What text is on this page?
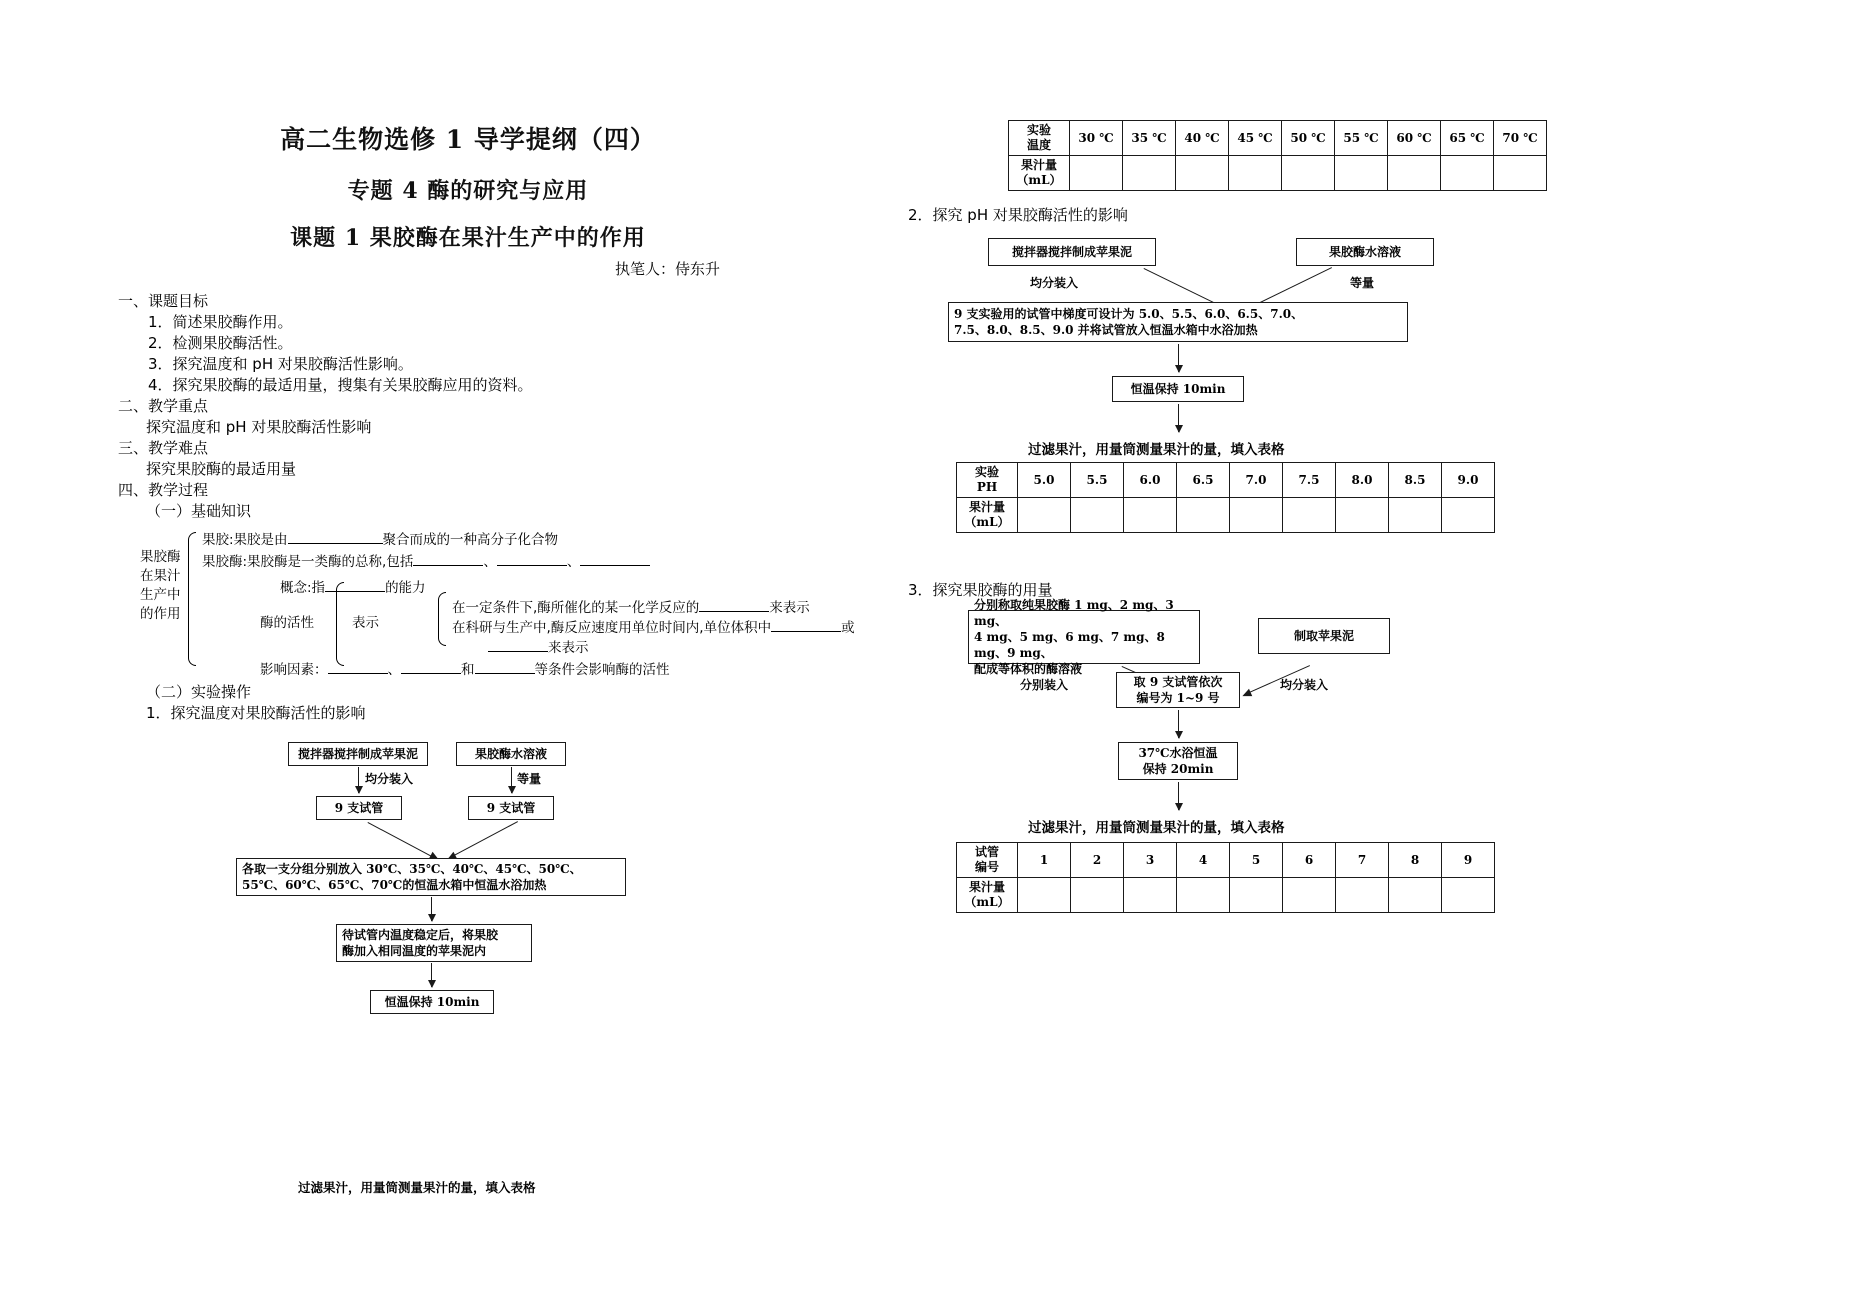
高二生物选修 1 导学提纲（四）
专题 4 酶的研究与应用
课题 1 果胶酶在果汁生产中的作用
执笔人：侍东升
一、课题目标
1．简述果胶酶作用。
2．检测果胶酶活性。
3．探究温度和 pH 对果胶酶活性影响。
4．探究果胶酶的最适用量，搜集有关果胶酶应用的资料。
二、教学重点
探究温度和 pH 对果胶酶活性影响
三、教学难点
探究果胶酶的最适用量
四、教学过程
（一）基础知识
果胶酶
在果汁
生产中
的作用
果胶:果胶是由	聚合而成的一种高分子化合物
果胶酶:果胶酶是一类酶的总称,包括	、	、
概念:指	的能力
酶的活性	表示
在一定条件下,酶所催化的某一化学反应的	来表示
在科研与生产中,酶反应速度用单位时间内,单位体积中	或
来表示
影响因素：	、	和	等条件会影响酶的活性
（二）实验操作
1．探究温度对果胶酶活性的影响
搅拌器搅拌制成苹果泥	果胶酶水溶液
均分装入	等量
9 支试管	9 支试管
各取一支分组分别放入 30℃、35℃、40℃、45℃、50℃、
55℃、60℃、65℃、70℃的恒温水箱中恒温水浴加热
待试管内温度稳定后，将果胶
酶加入相同温度的苹果泥内
恒温保持 10min
过滤果汁，用量筒测量果汁的量，填入表格
实验
温度	30 ℃	35 ℃	40 ℃	45 ℃	50 ℃	55 ℃	60 ℃	65 ℃	70 ℃
果汁量
（mL）									
2．探究 pH 对果胶酶活性的影响
搅拌器搅拌制成苹果泥	果胶酶水溶液
均分装入	等量
9 支实验用的试管中梯度可设计为 5.0、5.5、6.0、6.5、7.0、
7.5、8.0、8.5、9.0 并将试管放入恒温水箱中水浴加热
恒温保持 10min
过滤果汁，用量筒测量果汁的量，填入表格
实验
PH	5.0	5.5	6.0	6.5	7.0	7.5	8.0	8.5	9.0
果汁量
（mL）									
3．探究果胶酶的用量
分别称取纯果胶酶 1 mg、2 mg、3 mg、
4 mg、5 mg、6 mg、7 mg、8 mg、9 mg、
配成等体积的酶溶液
制取苹果泥
分别装入	均分装入
取 9 支试管依次
编号为 1~9 号
37℃水浴恒温
保持 20min
过滤果汁，用量筒测量果汁的量，填入表格
试管
编号	1	2	3	4	5	6	7	8	9
果汁量
（mL）									
